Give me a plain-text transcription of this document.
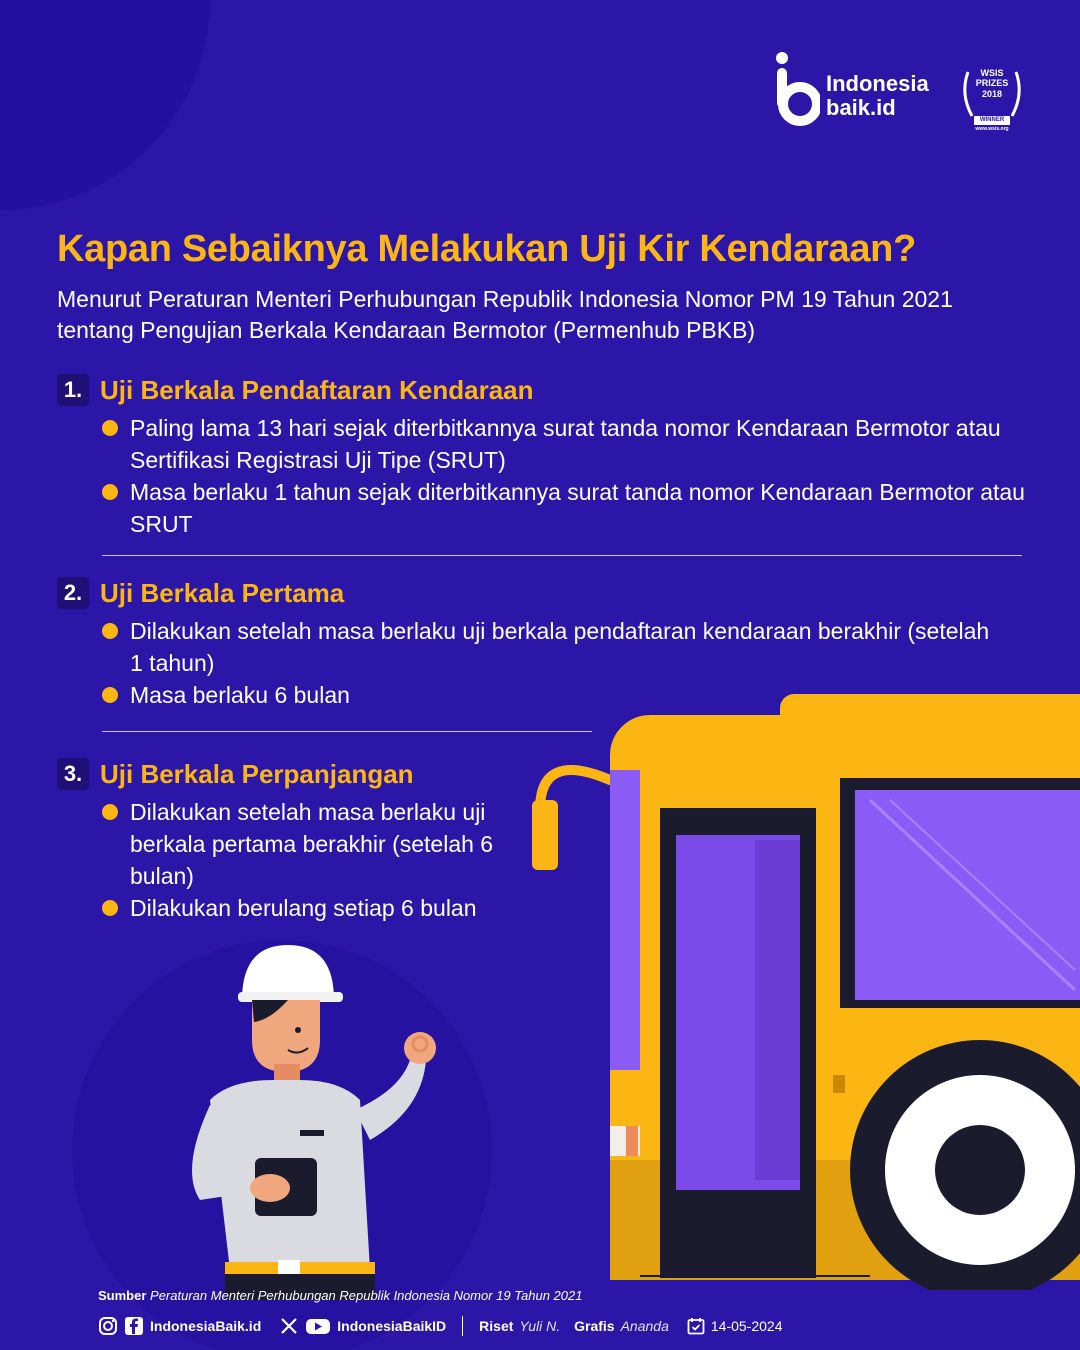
Indonesia
baik.id
WSIS
PRIZES
2018
WINNER
www.wsis.org
Kapan Sebaiknya Melakukan Uji Kir Kendaraan?

Menurut Peraturan Menteri Perhubungan Republik Indonesia Nomor PM 19 Tahun 2021 tentang Pengujian Berkala Kendaraan Bermotor (Permenhub PBKB)

1. Uji Berkala Pendaftaran Kendaraan
Paling lama 13 hari sejak diterbitkannya surat tanda nomor Kendaraan Bermotor atau Sertifikasi Registrasi Uji Tipe (SRUT)
Masa berlaku 1 tahun sejak diterbitkannya surat tanda nomor Kendaraan Bermotor atau SRUT
2. Uji Berkala Pertama
Dilakukan setelah masa berlaku uji berkala pendaftaran kendaraan berakhir (setelah 1 tahun)
Masa berlaku 6 bulan
3. Uji Berkala Perpanjangan
Dilakukan setelah masa berlaku uji berkala pertama berakhir (setelah 6 bulan)
Dilakukan berulang setiap 6 bulan
Sumber Peraturan Menteri Perhubungan Republik Indonesia Nomor 19 Tahun 2021
IndonesiaBaik.id	IndonesiaBaikID Riset Yuli N. Grafis Ananda	14-05-2024
